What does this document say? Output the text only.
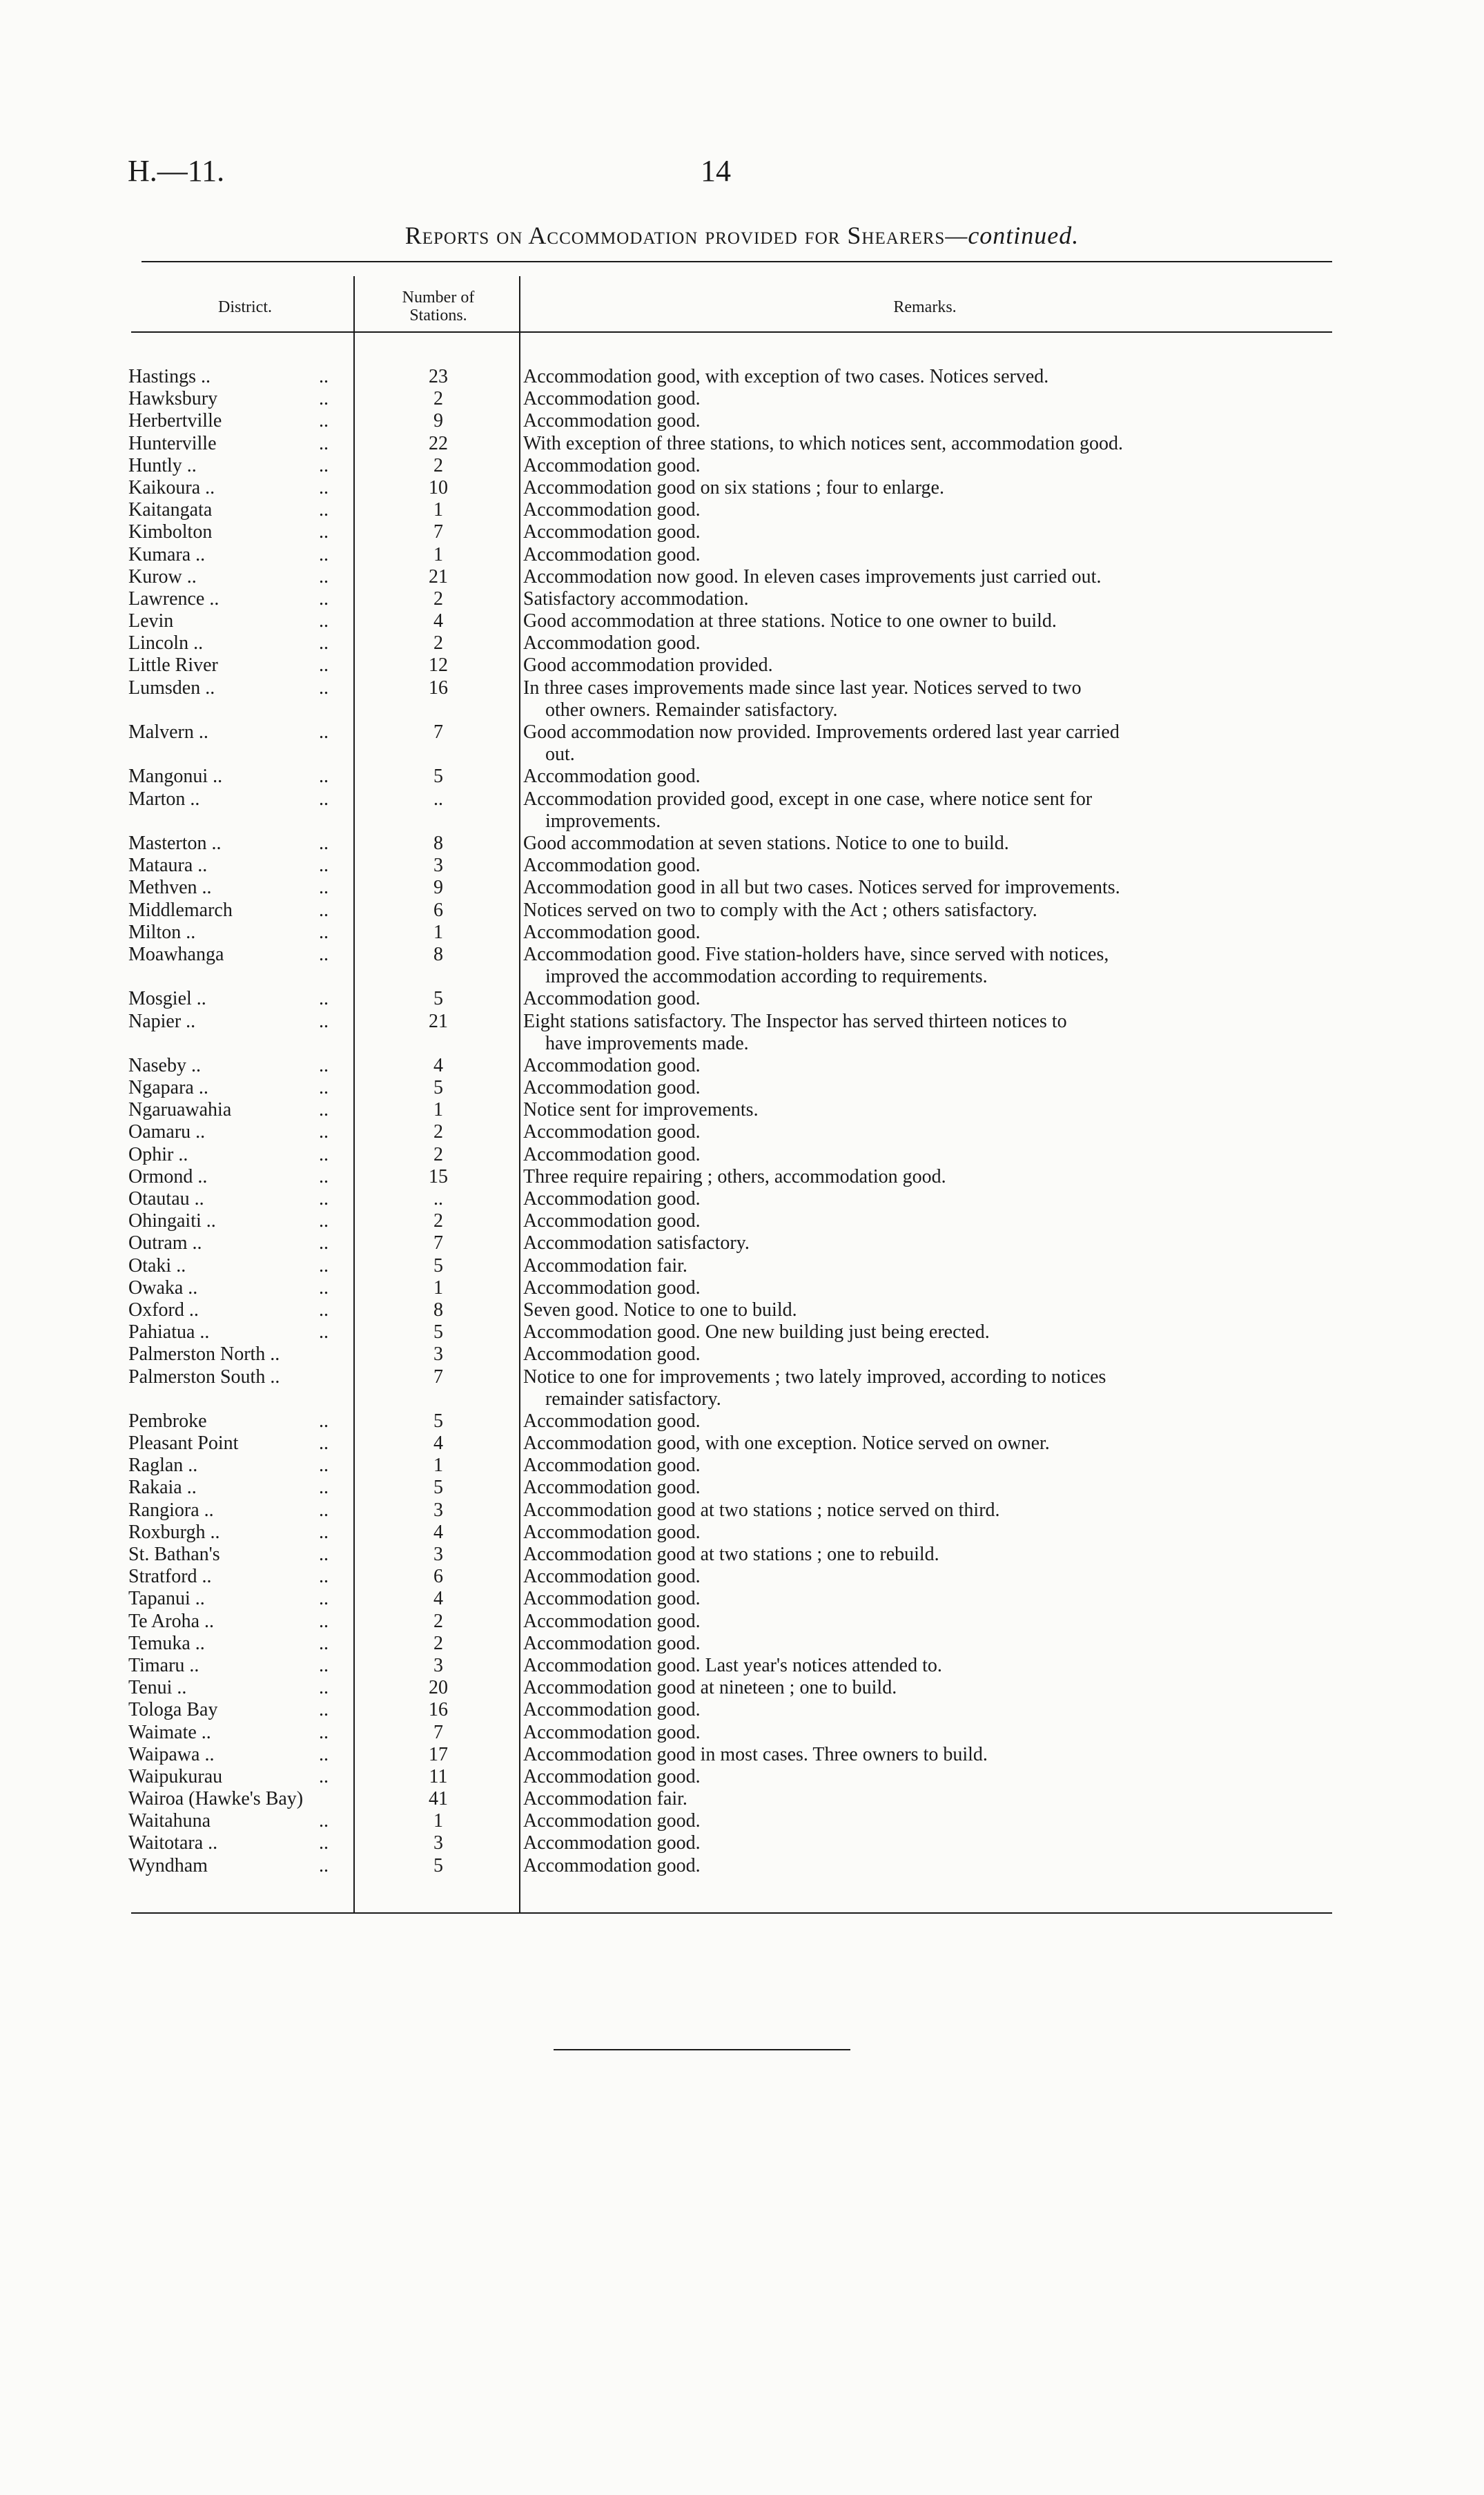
H.—11.	14
Reports on Accommodation provided for Shearers—continued.
District.
Number of
Stations.	Remarks.
Hastings ..	..	23	Accommodation good, with exception of two cases. Notices served.
Hawksbury	..	2	Accommodation good.
Herbertville	..	9	Accommodation good.
Hunterville	..	22	With exception of three stations, to which notices sent, accommodation good.
Huntly ..	..	2	Accommodation good.
Kaikoura ..	..	10	Accommodation good on six stations ; four to enlarge.
Kaitangata	..	1	Accommodation good.
Kimbolton	..	7	Accommodation good.
Kumara ..	..	1	Accommodation good.
Kurow ..	..	21	Accommodation now good. In eleven cases improvements just carried out.
Lawrence ..	..	2	Satisfactory accommodation.
Levin	..	4	Good accommodation at three stations. Notice to one owner to build.
Lincoln ..	..	2	Accommodation good.
Little River	..	12	Good accommodation provided.
Lumsden ..	..	16	In three cases improvements made since last year. Notices served to two
other owners. Remainder satisfactory.
Malvern ..	..	7	Good accommodation now provided. Improvements ordered last year carried
out.
Mangonui ..	..	5	Accommodation good.
Marton ..	..	..	Accommodation provided good, except in one case, where notice sent for
improvements.
Masterton ..	..	8	Good accommodation at seven stations. Notice to one to build.
Mataura ..	..	3	Accommodation good.
Methven ..	..	9	Accommodation good in all but two cases. Notices served for improvements.
Middlemarch	..	6	Notices served on two to comply with the Act ; others satisfactory.
Milton ..	..	1	Accommodation good.
Moawhanga	..	8	Accommodation good. Five station-holders have, since served with notices,
improved the accommodation according to requirements.
Mosgiel ..	..	5	Accommodation good.
Napier ..	..	21	Eight stations satisfactory. The Inspector has served thirteen notices to
have improvements made.
Naseby ..	..	4	Accommodation good.
Ngapara ..	..	5	Accommodation good.
Ngaruawahia	..	1	Notice sent for improvements.
Oamaru ..	..	2	Accommodation good.
Ophir ..	..	2	Accommodation good.
Ormond ..	..	15	Three require repairing ; others, accommodation good.
Otautau ..	..	..	Accommodation good.
Ohingaiti ..	..	2	Accommodation good.
Outram ..	..	7	Accommodation satisfactory.
Otaki ..	..	5	Accommodation fair.
Owaka ..	..	1	Accommodation good.
Oxford ..	..	8	Seven good. Notice to one to build.
Pahiatua ..	..	5	Accommodation good. One new building just being erected.
Palmerston North ..	3	Accommodation good.
Palmerston South ..	7	Notice to one for improvements ; two lately improved, according to notices
remainder satisfactory.
Pembroke	..	5	Accommodation good.
Pleasant Point	..	4	Accommodation good, with one exception. Notice served on owner.
Raglan ..	..	1	Accommodation good.
Rakaia ..	..	5	Accommodation good.
Rangiora ..	..	3	Accommodation good at two stations ; notice served on third.
Roxburgh ..	..	4	Accommodation good.
St. Bathan's	..	3	Accommodation good at two stations ; one to rebuild.
Stratford ..	..	6	Accommodation good.
Tapanui ..	..	4	Accommodation good.
Te Aroha ..	..	2	Accommodation good.
Temuka ..	..	2	Accommodation good.
Timaru ..	..	3	Accommodation good. Last year's notices attended to.
Tenui ..	..	20	Accommodation good at nineteen ; one to build.
Tologa Bay	..	16	Accommodation good.
Waimate ..	..	7	Accommodation good.
Waipawa ..	..	17	Accommodation good in most cases. Three owners to build.
Waipukurau	..	11	Accommodation good.
Wairoa (Hawke's Bay)	41	Accommodation fair.
Waitahuna	..	1	Accommodation good.
Waitotara ..	..	3	Accommodation good.
Wyndham	..	5	Accommodation good.
